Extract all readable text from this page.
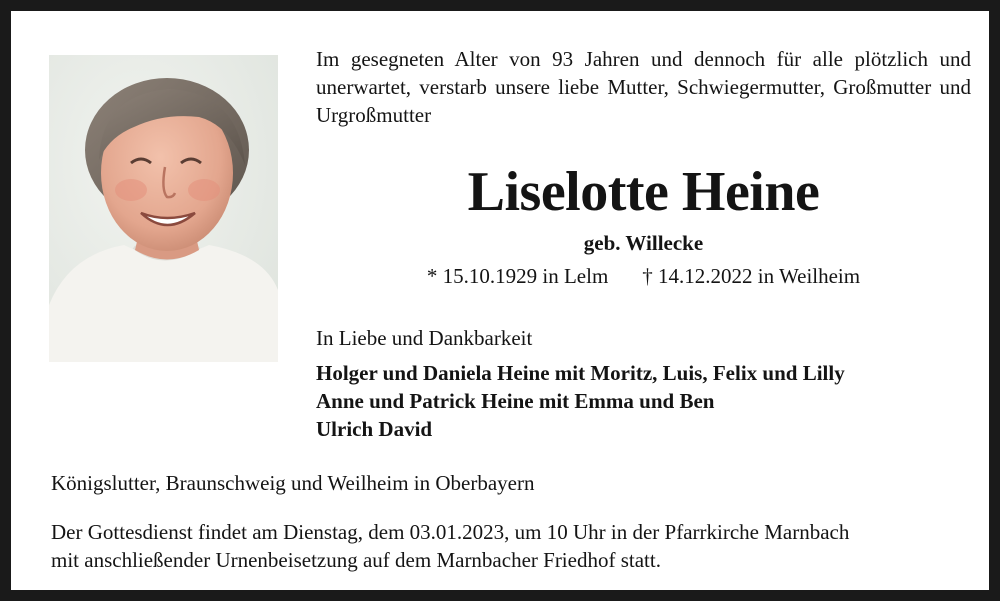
Im gesegneten Alter von 93 Jahren und dennoch für alle plötzlich und unerwartet, verstarb unsere liebe Mutter, Schwiegermutter, Großmutter und Urgroßmutter
Liselotte Heine
geb. Willecke
* 15.10.1929 in Lelm † 14.12.2022 in Weilheim
In Liebe und Dankbarkeit
Holger und Daniela Heine mit Moritz, Luis, Felix und Lilly
Anne und Patrick Heine mit Emma und Ben
Ulrich David
Königslutter, Braunschweig und Weilheim in Oberbayern
Der Gottesdienst findet am Dienstag, dem 03.01.2023, um 10 Uhr in der Pfarrkirche Marnbach
mit anschließender Urnenbeisetzung auf dem Marnbacher Friedhof statt.
